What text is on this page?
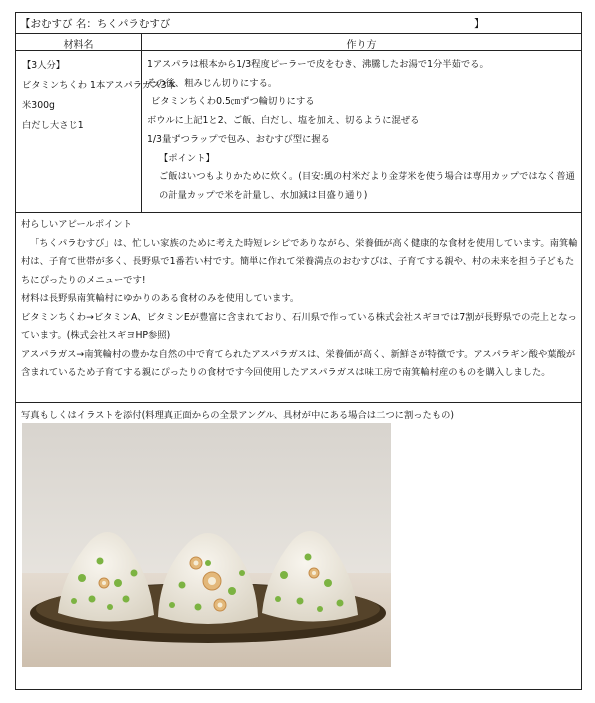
【おむすび 名：ちくパラむすび	】
材料名	作り方
【3人分】
ビタミンちくわ 1本アスパラガス3本
米300g
白だし大さじ1
1アスパラは根本から1/3程度ピーラーで皮をむき、沸騰したお湯で1分半茹でる。
その後、粗みじん切りにする。
ビタミンちくわ0.5㎝ずつ輪切りにする
ボウルに上記1と2、ご飯、白だし、塩を加え、切るように混ぜる
1/3量ずつラップで包み、おむすび型に握る
【ポイント】
ご飯はいつもよりかために炊く。(目安:風の村米だより金芽米を使う場合は専用カップではなく普通の計量カップで米を計量し、水加減は目盛り通り)

村らしいアピールポイント

「ちくパラむすび」は、忙しい家族のために考えた時短レシピでありながら、栄養価が高く健康的な食材を使用しています。南箕輪村は、子育て世帯が多く、長野県で1番若い村です。簡単に作れて栄養満点のおむすびは、子育てする親や、村の未来を担う子どもたちにぴったりのメニューです!

材料は長野県南箕輪村にゆかりのある食材のみを使用しています。

ビタミンちくわ→ビタミンA、ビタミンEが豊富に含まれており、石川県で作っている株式会社スギヨでは7割が長野県での売上となっています。(株式会社スギヨHP参照)

アスパラガス→南箕輪村の豊かな自然の中で育てられたアスパラガスは、栄養価が高く、新鮮さが特徴です。アスパラギン酸や葉酸が含まれているため子育てする親にぴったりの食材です今回使用したアスパラガスは味工房で南箕輪村産のものを購入しました。

写真もしくはイラストを添付(料理真正面からの全景アングル、具材が中にある場合は二つに割ったもの)
